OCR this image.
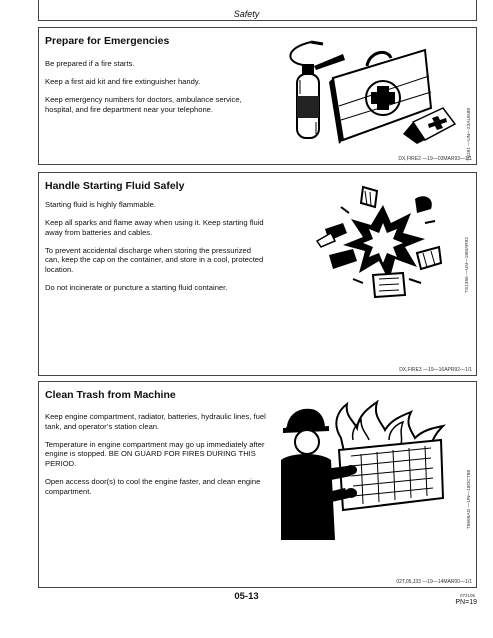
Safety
Prepare for Emergencies

Be prepared if a fire starts.

Keep a first aid kit and fire extinguisher handy.

Keep emergency numbers for doctors, ambulance service, hospital, and fire department near your telephone.	TS291 —UN—23AUG88
DX,FIRE2 —19—03MAR93—1/1
Handle Starting Fluid Safely

Starting fluid is highly flammable.

Keep all sparks and flame away when using it. Keep starting fluid away from batteries and cables.

To prevent accidental discharge when storing the pressurized can, keep the cap on the container, and store in a cool, protected location.

Do not incinerate or puncture a starting fluid container.	TS1356 —UN—18MAR92
DX,FIRE3 —19—16APR92—1/1
Clean Trash from Machine

Keep engine compartment, radiator, batteries, hydraulic lines, fuel tank, and operator’s station clean.

Temperature in engine compartment may go up immediately after engine is stopped. BE ON GUARD FOR FIRES DURING THIS PERIOD.

Open access door(s) to cool the engine faster, and clean engine compartment.	T6669AG —UN—18OCT88
02T,05,J33 —19—14MAR00—1/1
05-13	072105
PN=19
